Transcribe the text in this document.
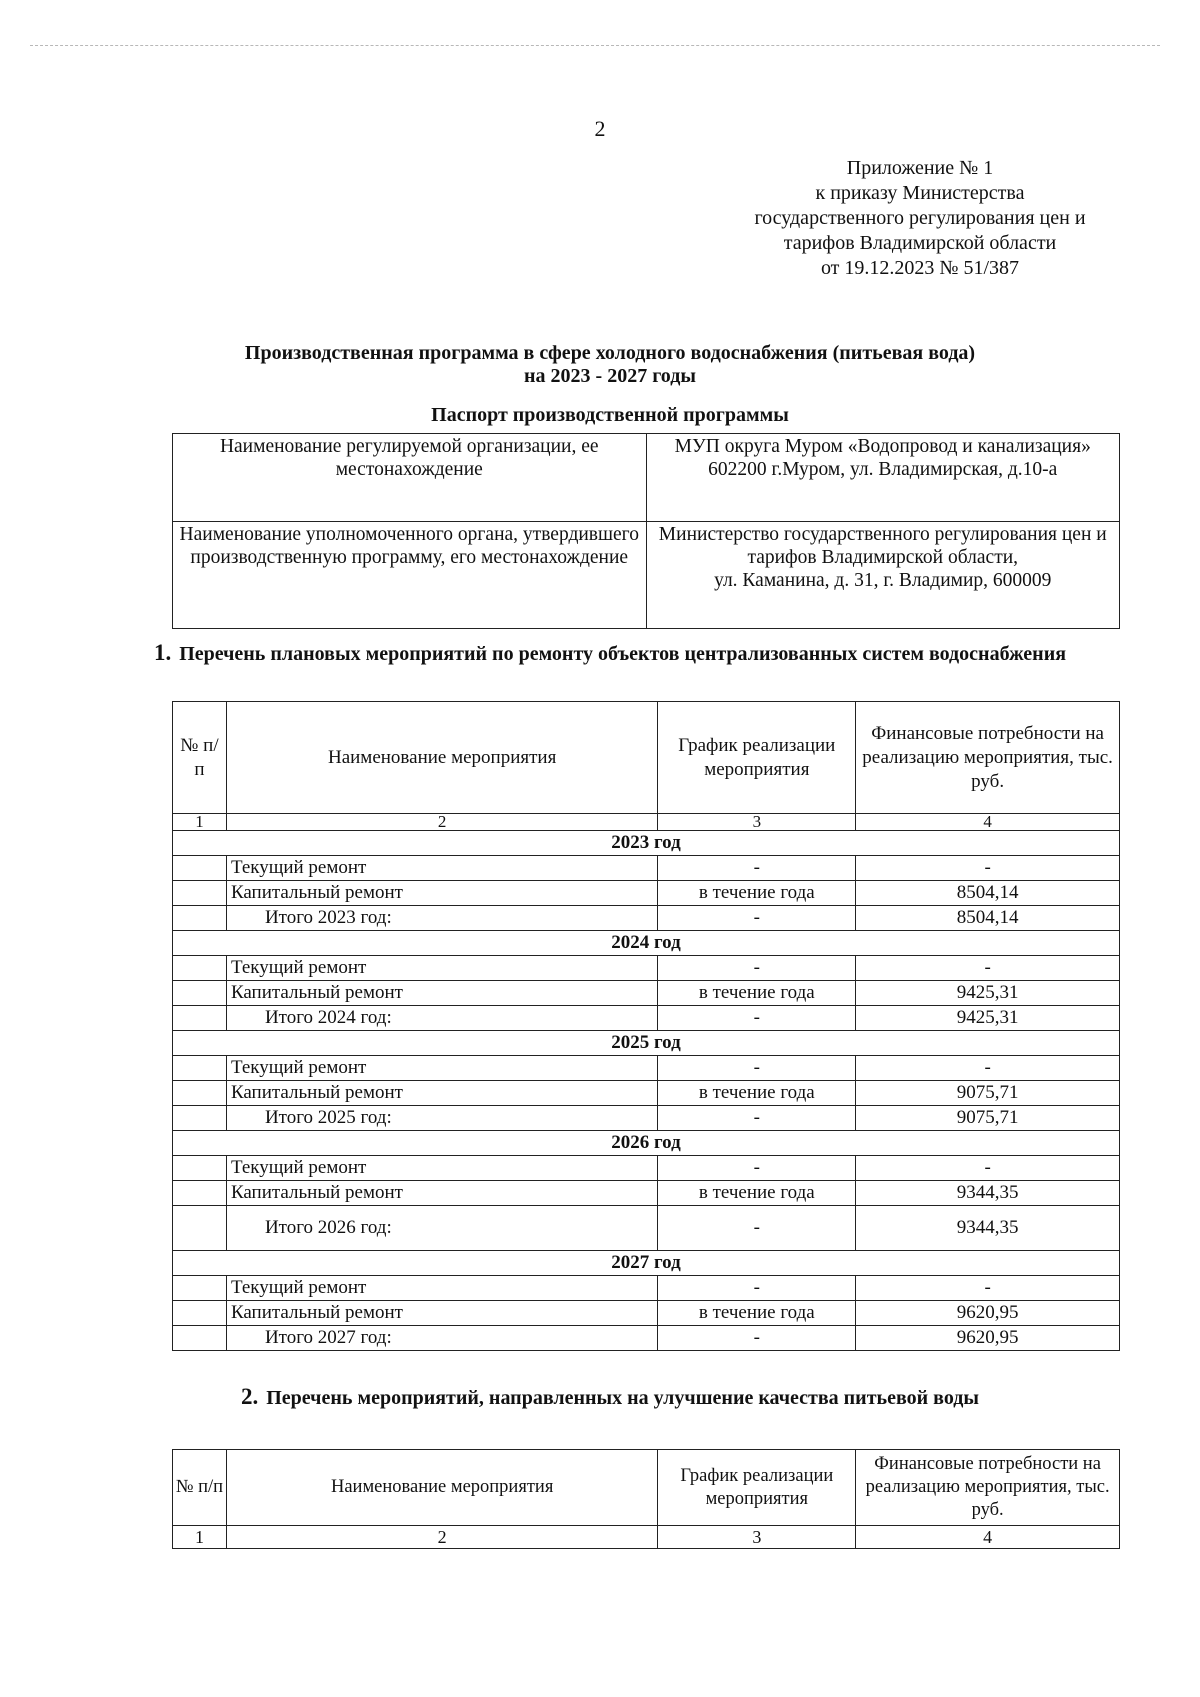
2
Приложение № 1
к приказу Министерства
государственного регулирования цен и
тарифов Владимирской области
от 19.12.2023 № 51/387
Производственная программа в сфере холодного водоснабжения (питьевая вода)
на 2023 - 2027 годы
Паспорт производственной программы
Наименование регулируемой организации, ее местонахождение	МУП округа Муром «Водопровод и канализация»
602200 г.Муром, ул. Владимирская, д.10-а

Наименование уполномоченного органа, утвердившего производственную программу, его местонахождение	Министерство государственного регулирования цен и тарифов Владимирской области,
ул. Каманина, д. 31, г. Владимир, 600009
1. Перечень плановых мероприятий по ремонту объектов централизованных систем водоснабжения
№ п/п	Наименование мероприятия	График реализации мероприятия	Финансовые потребности на реализацию мероприятия, тыс. руб.
1	2	3	4
2023 год			
	Текущий ремонт	-	-
	Капитальный ремонт	в течение года	8504,14
	Итого 2023 год:	-	8504,14
2024 год			
	Текущий ремонт	-	-
	Капитальный ремонт	в течение года	9425,31
	Итого 2024 год:	-	9425,31
2025 год			
	Текущий ремонт	-	-
	Капитальный ремонт	в течение года	9075,71
	Итого 2025 год:	-	9075,71
2026 год			
	Текущий ремонт	-	-
	Капитальный ремонт	в течение года	9344,35
	Итого 2026 год:	-	9344,35
2027 год			
	Текущий ремонт	-	-
	Капитальный ремонт	в течение года	9620,95
	Итого 2027 год:	-	9620,95
2. Перечень мероприятий, направленных на улучшение качества питьевой воды
№ п/п	Наименование мероприятия	График реализации мероприятия	Финансовые потребности на реализацию мероприятия, тыс. руб.
1	2	3	4
